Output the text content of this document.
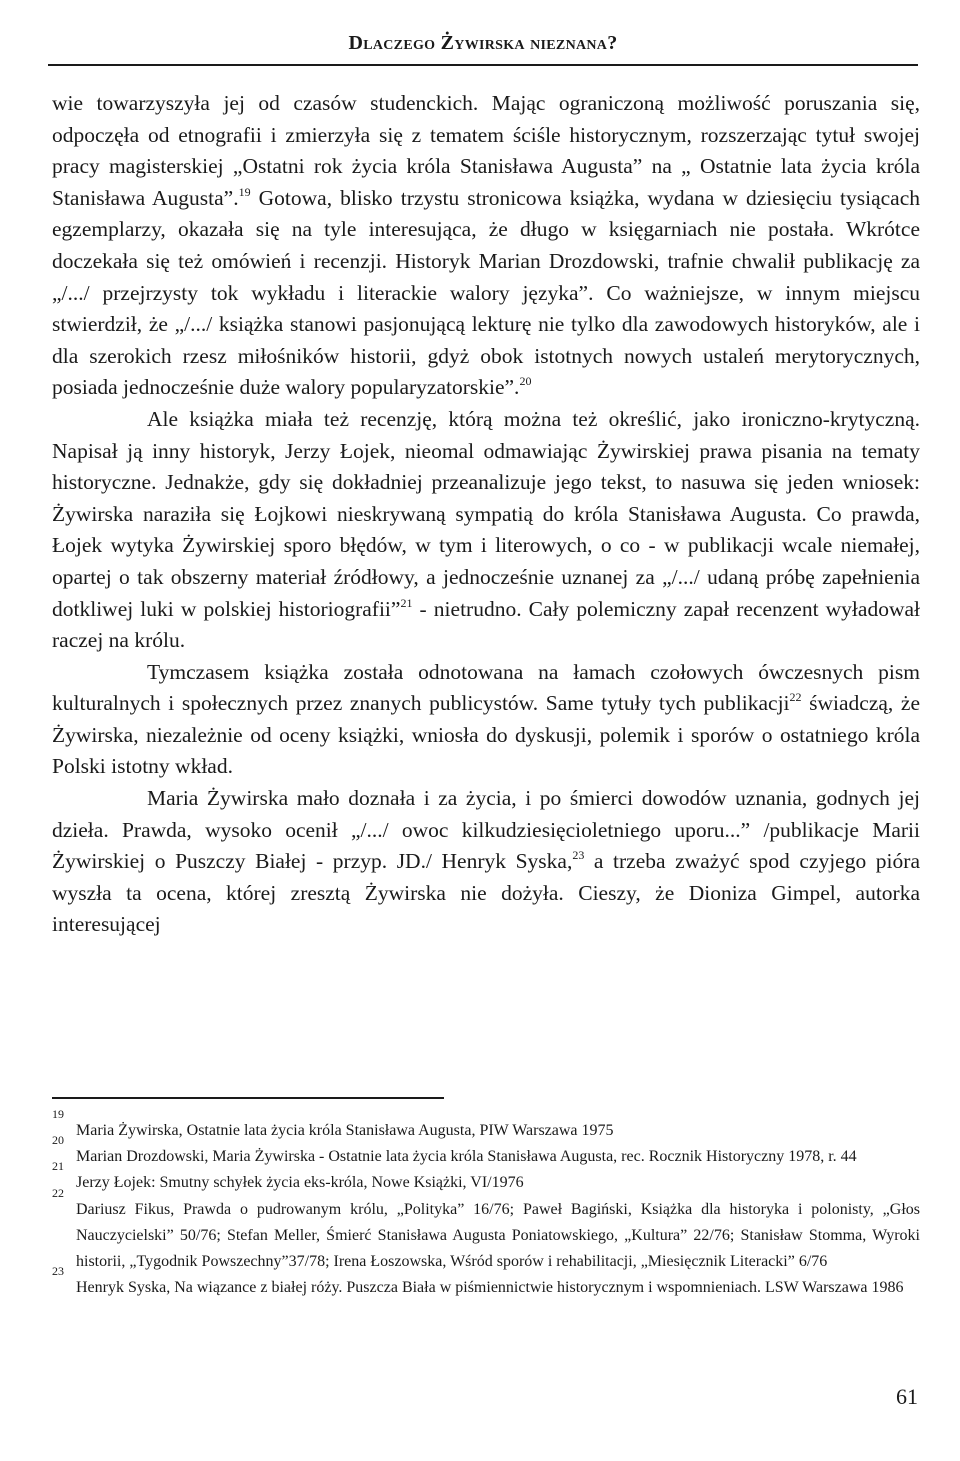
Dlaczego Żywirska nieznana?

wie towarzyszyła jej od czasów studenckich. Mając ograniczoną możliwość poruszania się, odpoczęła od etnografii i zmierzyła się z tematem ściśle historycznym, rozszerzając tytuł swojej pracy magisterskiej „Ostatni rok życia króla Stanisława Augusta” na „ Ostatnie lata życia króla Stanisława Augusta”.$^{19}$ Gotowa, blisko trzystu stronicowa książka, wydana w dziesięciu tysiącach egzemplarzy, okazała się na tyle interesująca, że długo w księgarniach nie postała. Wkrótce doczekała się też omówień i recenzji. Historyk Marian Drozdowski, trafnie chwalił publikację za „/.../ przejrzysty tok wykładu i literackie walory języka”. Co ważniejsze, w innym miejscu stwierdził, że „/.../ książka stanowi pasjonującą lekturę nie tylko dla zawodowych historyków, ale i dla szerokich rzesz miłośników historii, gdyż obok istotnych nowych ustaleń merytorycznych, posiada jednocześnie duże walory popularyzatorskie”.$^{20}$

Ale książka miała też recenzję, którą można też określić, jako ironiczno-krytyczną. Napisał ją inny historyk, Jerzy Łojek, nieomal odmawiając Żywirskiej prawa pisania na tematy historyczne. Jednakże, gdy się dokładniej przeanalizuje jego tekst, to nasuwa się jeden wniosek: Żywirska naraziła się Łojkowi nieskrywaną sympatią do króla Stanisława Augusta. Co prawda, Łojek wytyka Żywirskiej sporo błędów, w tym i literowych, o co - w publikacji wcale niemałej, opartej o tak obszerny materiał źródłowy, a jednocześnie uznanej za „/.../ udaną próbę zapełnienia dotkliwej luki w polskiej historiografii”$^{21}$ - nietrudno. Cały polemiczny zapał recenzent wyładował raczej na królu.

Tymczasem książka została odnotowana na łamach czołowych ówczesnych pism kulturalnych i społecznych przez znanych publicystów. Same tytuły tych publikacji$^{22}$ świadczą, że Żywirska, niezależnie od oceny książki, wniosła do dyskusji, polemik i sporów o ostatniego króla Polski istotny wkład.

Maria Żywirska mało doznała i za życia, i po śmierci dowodów uznania, godnych jej dzieła. Prawda, wysoko ocenił „/.../ owoc kilkudziesięcioletniego uporu...” /publikacje Marii Żywirskiej o Puszczy Białej - przyp. JD./ Henryk Syska,$^{23}$ a trzeba zważyć spod czyjego pióra wyszła ta ocena, której zresztą Żywirska nie dożyła. Cieszy, że Dioniza Gimpel, autorka interesującej

19
Maria Żywirska, Ostatnie lata życia króla Stanisława Augusta, PIW Warszawa 1975
20
Marian Drozdowski, Maria Żywirska - Ostatnie lata życia króla Stanisława Augusta, rec. Rocznik Historyczny 1978, r. 44
21
Jerzy Łojek: Smutny schyłek życia eks-króla, Nowe Książki, VI/1976
22
Dariusz Fikus, Prawda o pudrowanym królu, „Polityka” 16/76; Paweł Bagiński, Książka dla historyka i polonisty, „Głos Nauczycielski” 50/76; Stefan Meller, Śmierć Stanisława Augusta Poniatowskiego, „Kultura” 22/76; Stanisław Stomma, Wyroki historii, „Tygodnik Powszechny”37/78; Irena Łoszowska, Wśród sporów i rehabilitacji, „Miesięcznik Literacki” 6/76
23
Henryk Syska, Na wiązance z białej róży. Puszcza Biała w piśmiennictwie historycznym i wspomnieniach. LSW Warszawa 1986
61
